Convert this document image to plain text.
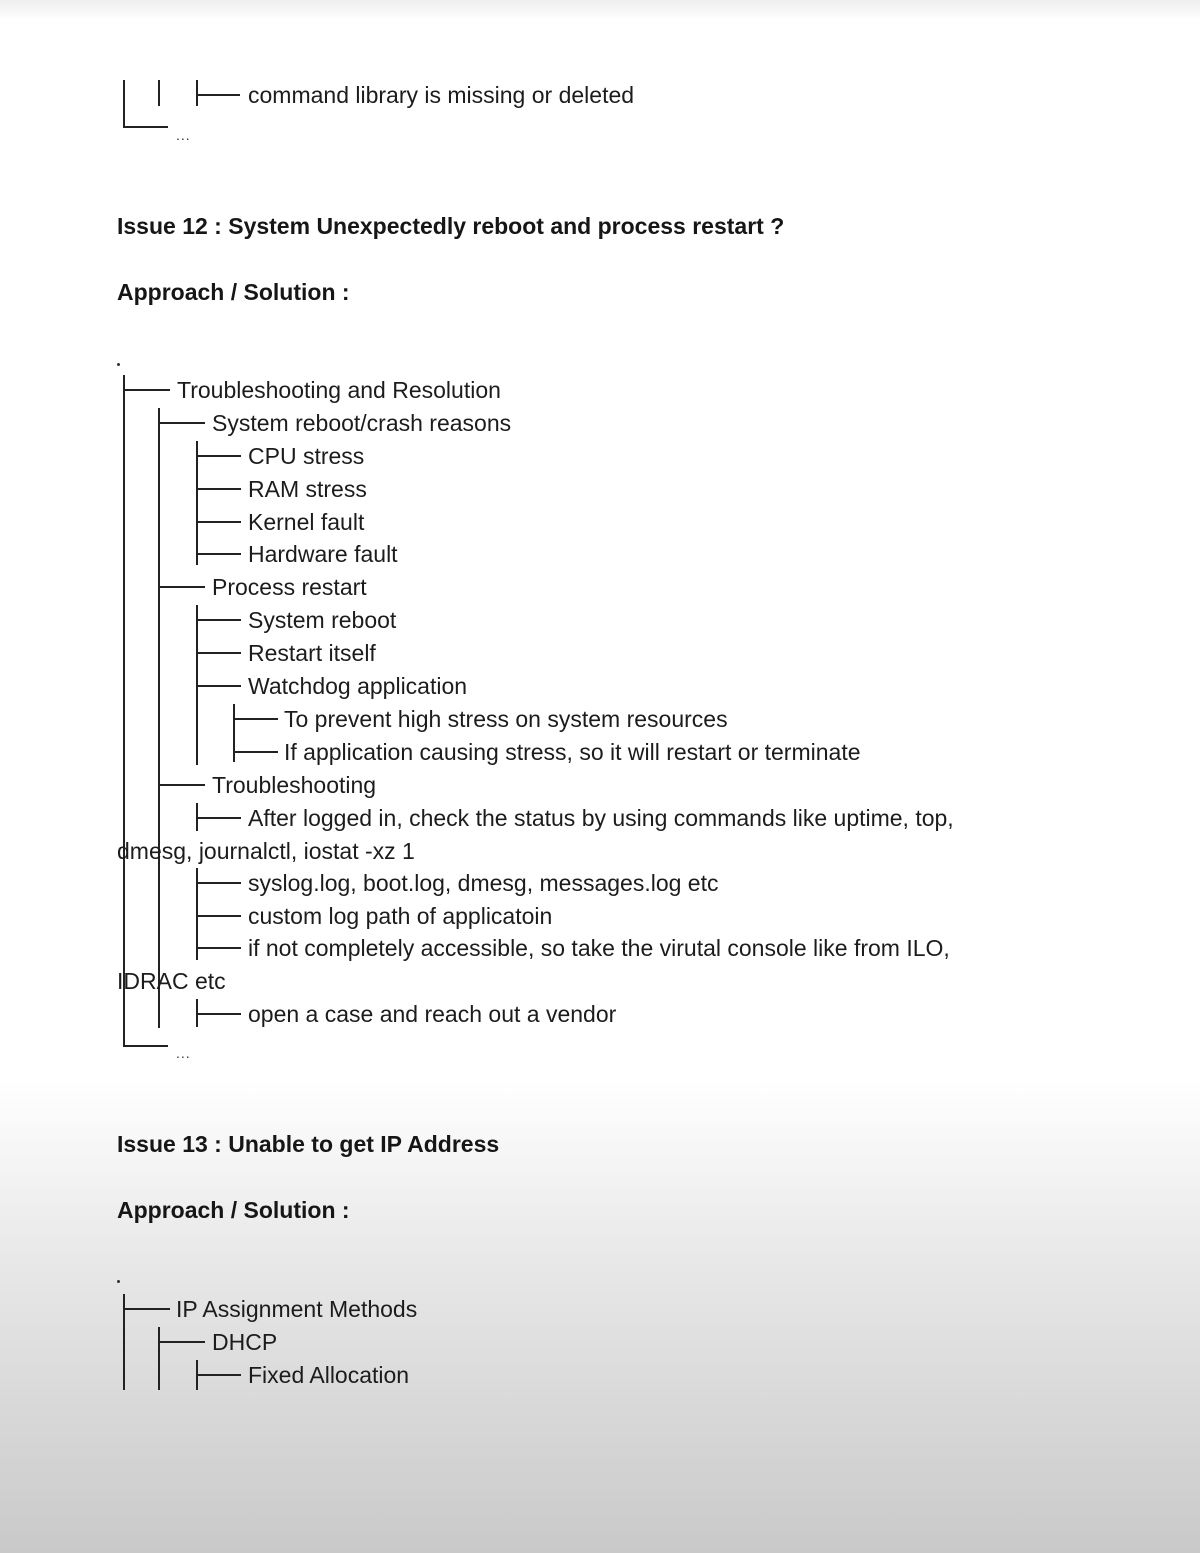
command library is missing or deleted
...
Issue 12 : System Unexpectedly reboot and process restart ?
Approach / Solution :
...
Troubleshooting and Resolution
System reboot/crash reasons
CPU stress
RAM stress
Kernel fault
Hardware fault
Process restart
System reboot
Restart itself
Watchdog application
To prevent high stress on system resources
If application causing stress, so it will restart or terminate
Troubleshooting
After logged in, check the status by using commands like uptime, top,
dmesg, journalctl, iostat -xz 1
syslog.log, boot.log, dmesg, messages.log etc
custom log path of applicatoin
if not completely accessible, so take the virutal console like from ILO,
IDRAC etc
open a case and reach out a vendor
Issue 13 : Unable to get IP Address
Approach / Solution :
IP Assignment Methods
DHCP
Fixed Allocation
